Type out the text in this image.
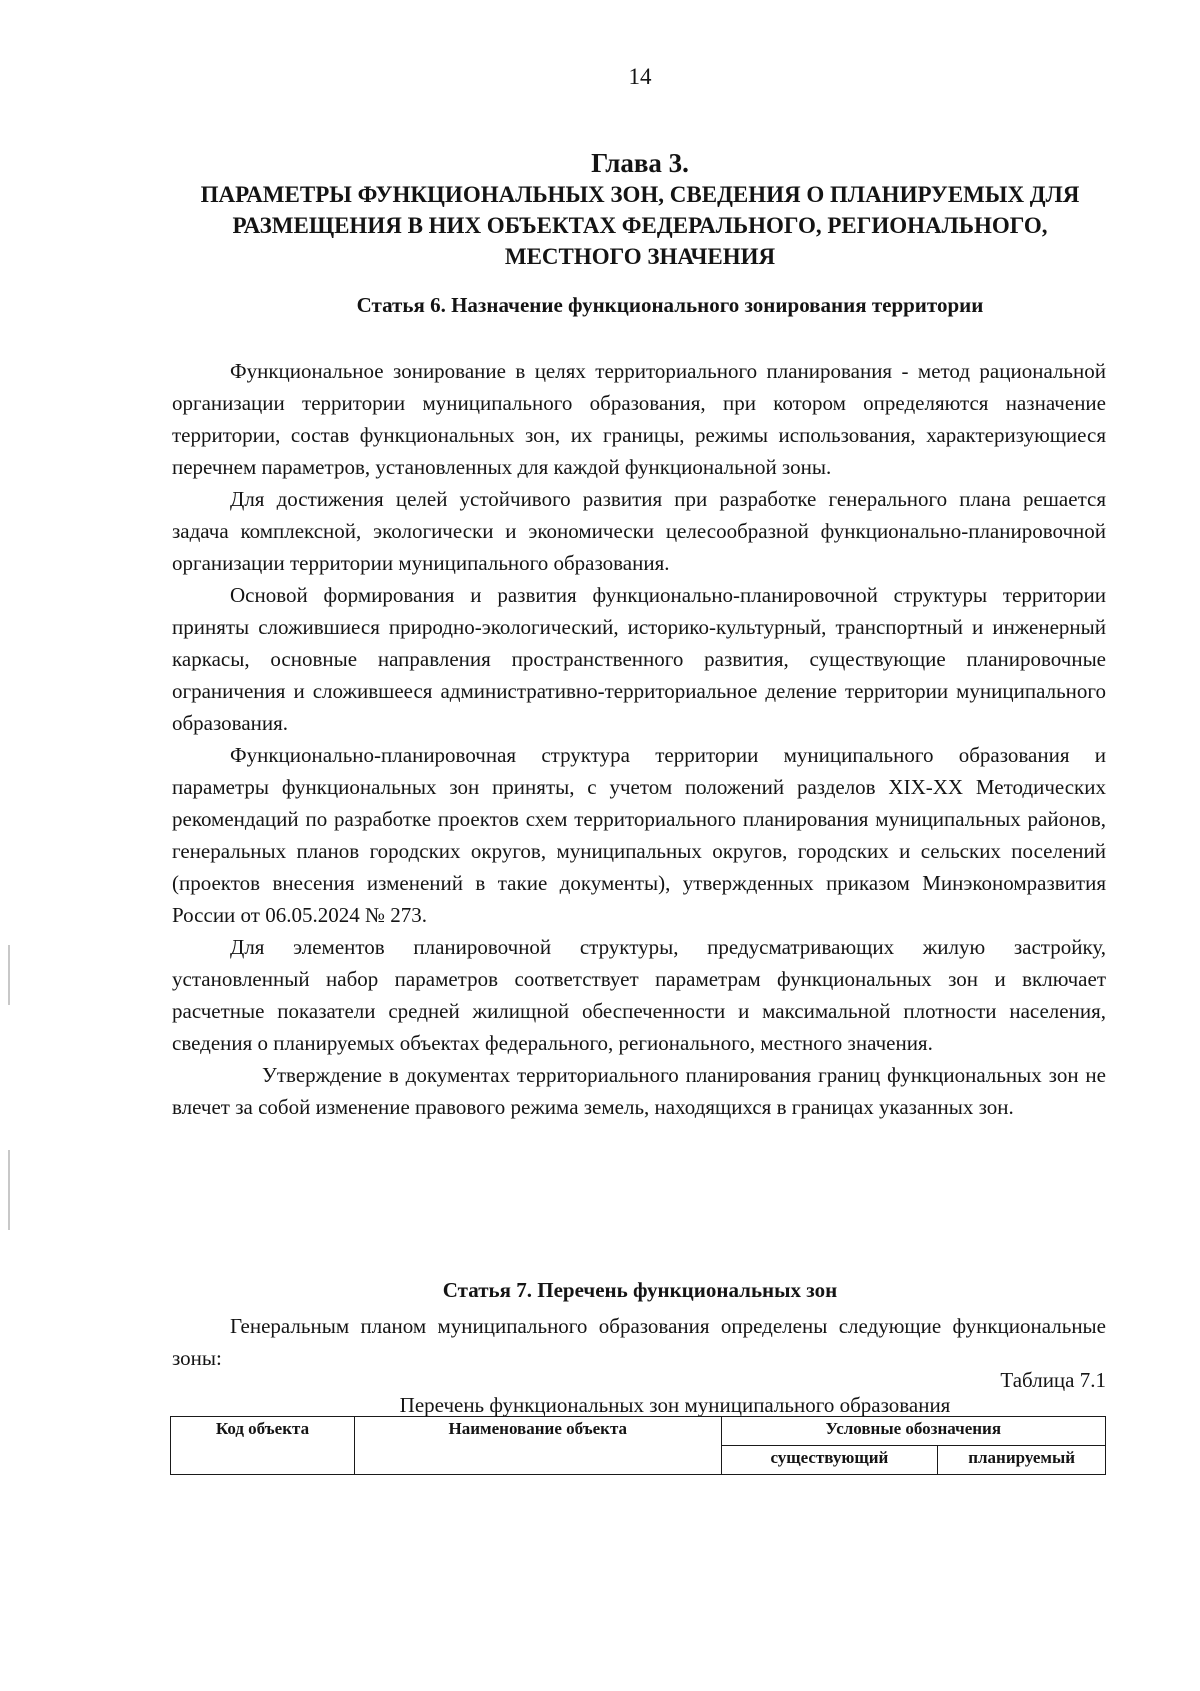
14
Глава 3.
ПАРАМЕТРЫ ФУНКЦИОНАЛЬНЫХ ЗОН, СВЕДЕНИЯ О ПЛАНИРУЕМЫХ ДЛЯ РАЗМЕЩЕНИЯ В НИХ ОБЪЕКТАХ ФЕДЕРАЛЬНОГО, РЕГИОНАЛЬНОГО, МЕСТНОГО ЗНАЧЕНИЯ
Статья 6. Назначение функционального зонирования территории

Функциональное зонирование в целях территориального планирования - метод рациональной организации территории муниципального образования, при котором определяются назначение территории, состав функциональных зон, их границы, режимы использования, характеризующиеся перечнем параметров, установленных для каждой функциональной зоны.

Для достижения целей устойчивого развития при разработке генерального плана решается задача комплексной, экологически и экономически целесообразной функционально-планировочной организации территории муниципального образования.

Основой формирования и развития функционально-планировочной структуры территории приняты сложившиеся природно-экологический, историко-культурный, транспортный и инженерный каркасы, основные направления пространственного развития, существующие планировочные ограничения и сложившееся административно-территориальное деление территории муниципального образования.

Функционально-планировочная структура территории муниципального образования и параметры функциональных зон приняты, с учетом положений разделов XIX-XX Методических рекомендаций по разработке проектов схем территориального планирования муниципальных районов, генеральных планов городских округов, муниципальных округов, городских и сельских поселений (проектов внесения изменений в такие документы), утвержденных приказом Минэкономразвития России от 06.05.2024 № 273.

Для элементов планировочной структуры, предусматривающих жилую застройку, установленный набор параметров соответствует параметрам функциональных зон и включает расчетные показатели средней жилищной обеспеченности и максимальной плотности населения, сведения о планируемых объектах федерального, регионального, местного значения.

Утверждение в документах территориального планирования границ функциональных зон не влечет за собой изменение правового режима земель, находящихся в границах указанных зон.

Статья 7. Перечень функциональных зон

Генеральным планом муниципального образования определены следующие функциональные зоны:

Таблица 7.1
Перечень функциональных зон муниципального образования
Код объекта	Наименование объекта	Условные обозначения	
		существующий	планируемый
